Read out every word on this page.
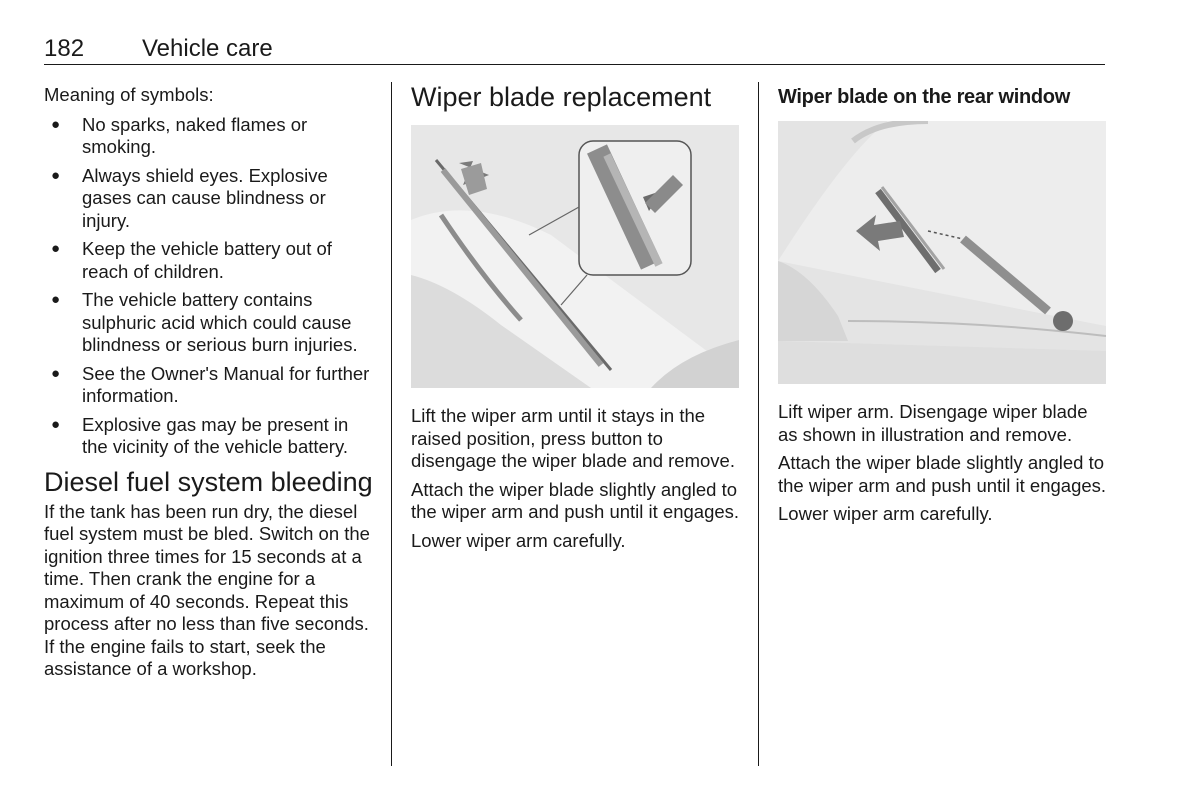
182 Vehicle care

Meaning of symbols:

● No sparks, naked flames or smoking.
● Always shield eyes. Explosive gases can cause blindness or injury.
● Keep the vehicle battery out of reach of children.
● The vehicle battery contains sulphuric acid which could cause blindness or serious burn injuries.
● See the Owner's Manual for further information.
● Explosive gas may be present in the vicinity of the vehicle battery.
Diesel fuel system bleeding

If the tank has been run dry, the diesel fuel system must be bled. Switch on the ignition three times for 15 seconds at a time. Then crank the engine for a maximum of 40 seconds. Repeat this process after no less than five seconds. If the engine fails to start, seek the assistance of a workshop.

Wiper blade replacement

Lift the wiper arm until it stays in the raised position, press button to disengage the wiper blade and remove.

Attach the wiper blade slightly angled to the wiper arm and push until it engages.

Lower wiper arm carefully.

Wiper blade on the rear window

Lift wiper arm. Disengage wiper blade as shown in illustration and remove.

Attach the wiper blade slightly angled to the wiper arm and push until it engages.

Lower wiper arm carefully.
